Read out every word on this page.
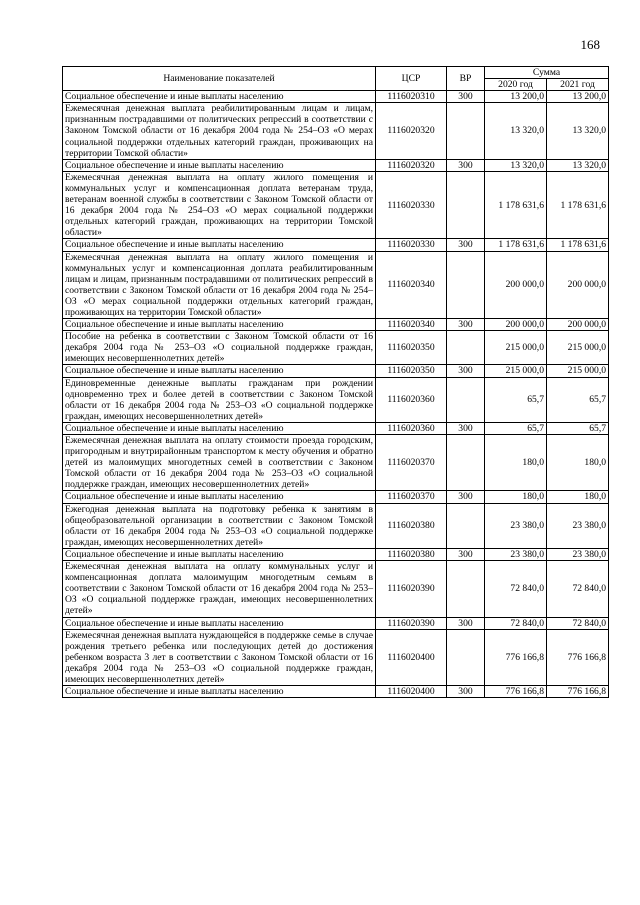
168
Наименование показателей	ЦСР	ВР	Сумма	
			2020 год	2021 год
Социальное обеспечение и иные выплаты населению	1116020310	300	13 200,0	13 200,0
Ежемесячная денежная выплата реабилитированным лицам и лицам, признанным пострадавшими от политических репрессий в соответствии с Законом Томской области от 16 декабря 2004 года № 254–ОЗ «О мерах социальной поддержки отдельных категорий граждан, проживающих на территории Томской области»	1116020320		13 320,0	13 320,0
Социальное обеспечение и иные выплаты населению	1116020320	300	13 320,0	13 320,0
Ежемесячная денежная выплата на оплату жилого помещения и коммунальных услуг и компенсационная доплата ветеранам труда, ветеранам военной службы в соответствии с Законом Томской области от 16 декабря 2004 года № 254–ОЗ «О мерах социальной поддержки отдельных категорий граждан, проживающих на территории Томской области»	1116020330		1 178 631,6	1 178 631,6
Социальное обеспечение и иные выплаты населению	1116020330	300	1 178 631,6	1 178 631,6
Ежемесячная денежная выплата на оплату жилого помещения и коммунальных услуг и компенсационная доплата реабилитированным лицам и лицам, признанным пострадавшими от политических репрессий в соответствии с Законом Томской области от 16 декабря 2004 года № 254–ОЗ «О мерах социальной поддержки отдельных категорий граждан, проживающих на территории Томской области»	1116020340		200 000,0	200 000,0
Социальное обеспечение и иные выплаты населению	1116020340	300	200 000,0	200 000,0
Пособие на ребенка в соответствии с Законом Томской области от 16 декабря 2004 года № 253–ОЗ «О социальной поддержке граждан, имеющих несовершеннолетних детей»	1116020350		215 000,0	215 000,0
Социальное обеспечение и иные выплаты населению	1116020350	300	215 000,0	215 000,0
Единовременные денежные выплаты гражданам при рождении одновременно трех и более детей в соответствии с Законом Томской области от 16 декабря 2004 года № 253–ОЗ «О социальной поддержке граждан, имеющих несовершеннолетних детей»	1116020360		65,7	65,7
Социальное обеспечение и иные выплаты населению	1116020360	300	65,7	65,7
Ежемесячная денежная выплата на оплату стоимости проезда городским, пригородным и внутрирайонным транспортом к месту обучения и обратно детей из малоимущих многодетных семей в соответствии с Законом Томской области от 16 декабря 2004 года № 253–ОЗ «О социальной поддержке граждан, имеющих несовершеннолетних детей»	1116020370		180,0	180,0
Социальное обеспечение и иные выплаты населению	1116020370	300	180,0	180,0
Ежегодная денежная выплата на подготовку ребенка к занятиям в общеобразовательной организации в соответствии с Законом Томской области от 16 декабря 2004 года № 253–ОЗ «О социальной поддержке граждан, имеющих несовершеннолетних детей»	1116020380		23 380,0	23 380,0
Социальное обеспечение и иные выплаты населению	1116020380	300	23 380,0	23 380,0
Ежемесячная денежная выплата на оплату коммунальных услуг и компенсационная доплата малоимущим многодетным семьям в соответствии с Законом Томской области от 16 декабря 2004 года № 253–ОЗ «О социальной поддержке граждан, имеющих несовершеннолетних детей»	1116020390		72 840,0	72 840,0
Социальное обеспечение и иные выплаты населению	1116020390	300	72 840,0	72 840,0
Ежемесячная денежная выплата нуждающейся в поддержке семье в случае рождения третьего ребенка или последующих детей до достижения ребенком возраста 3 лет в соответствии с Законом Томской области от 16 декабря 2004 года № 253–ОЗ «О социальной поддержке граждан, имеющих несовершеннолетних детей»	1116020400		776 166,8	776 166,8
Социальное обеспечение и иные выплаты населению	1116020400	300	776 166,8	776 166,8
